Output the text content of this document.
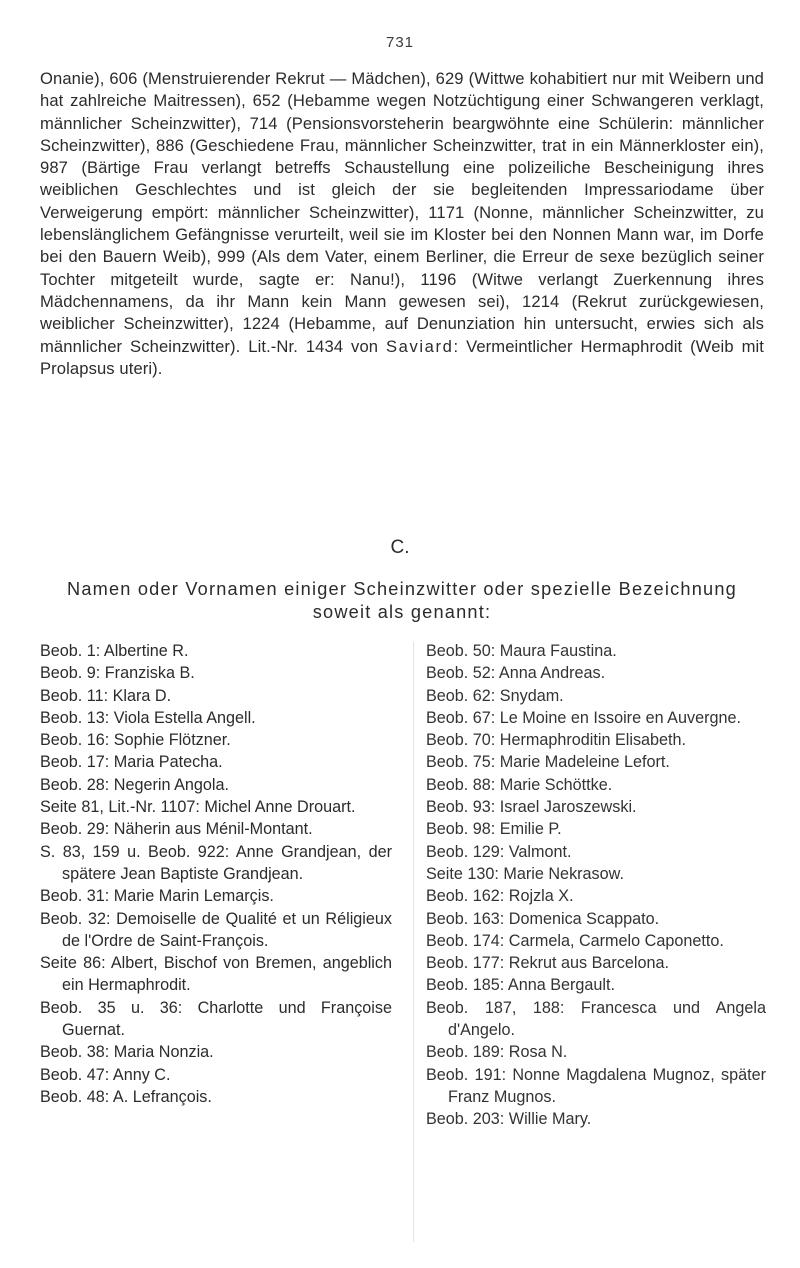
731

Onanie), 606 (Menstruierender Rekrut — Mädchen), 629 (Wittwe kohabitiert nur mit Weibern und hat zahlreiche Maitressen), 652 (Hebamme wegen Notzüchtigung einer Schwangeren verklagt, männlicher Scheinzwitter), 714 (Pensionsvorsteherin beargwöhnte eine Schülerin: männlicher Scheinzwitter), 886 (Geschiedene Frau, männlicher Scheinzwitter, trat in ein Männerkloster ein), 987 (Bärtige Frau verlangt betreffs Schaustellung eine polizeiliche Bescheinigung ihres weiblichen Geschlechtes und ist gleich der sie begleitenden Impressariodame über Verweigerung empört: männlicher Scheinzwitter), 1171 (Nonne, männlicher Scheinzwitter, zu lebenslänglichem Gefängnisse verurteilt, weil sie im Kloster bei den Nonnen Mann war, im Dorfe bei den Bauern Weib), 999 (Als dem Vater, einem Berliner, die Erreur de sexe bezüglich seiner Tochter mitgeteilt wurde, sagte er: Nanu!), 1196 (Witwe verlangt Zuerkennung ihres Mädchennamens, da ihr Mann kein Mann gewesen sei), 1214 (Rekrut zurückgewiesen, weiblicher Scheinzwitter), 1224 (Hebamme, auf Denunziation hin untersucht, erwies sich als männlicher Scheinzwitter). Lit.-Nr. 1434 von Saviard: Vermeintlicher Hermaphrodit (Weib mit Prolapsus uteri).

C.
Namen oder Vornamen einiger Scheinzwitter oder spezielle Bezeichnung soweit als genannt:
Beob. 1: Albertine R.
Beob. 9: Franziska B.
Beob. 11: Klara D.
Beob. 13: Viola Estella Angell.
Beob. 16: Sophie Flötzner.
Beob. 17: Maria Patecha.
Beob. 28: Negerin Angola.
Seite 81, Lit.-Nr. 1107: Michel Anne Drouart.
Beob. 29: Näherin aus Ménil-Montant.
S. 83, 159 u. Beob. 922: Anne Grandjean, der spätere Jean Baptiste Grandjean.
Beob. 31: Marie Marin Lemarçis.
Beob. 32: Demoiselle de Qualité et un Réligieux de l'Ordre de Saint-François.
Seite 86: Albert, Bischof von Bremen, angeblich ein Hermaphrodit.
Beob. 35 u. 36: Charlotte und Françoise Guernat.
Beob. 38: Maria Nonzia.
Beob. 47: Anny C.
Beob. 48: A. Lefrançois.
Beob. 50: Maura Faustina.
Beob. 52: Anna Andreas.
Beob. 62: Snydam.
Beob. 67: Le Moine en Issoire en Auvergne.
Beob. 70: Hermaphroditin Elisabeth.
Beob. 75: Marie Madeleine Lefort.
Beob. 88: Marie Schöttke.
Beob. 93: Israel Jaroszewski.
Beob. 98: Emilie P.
Beob. 129: Valmont.
Seite 130: Marie Nekrasow.
Beob. 162: Rojzla X.
Beob. 163: Domenica Scappato.
Beob. 174: Carmela, Carmelo Caponetto.
Beob. 177: Rekrut aus Barcelona.
Beob. 185: Anna Bergault.
Beob. 187, 188: Francesca und Angela d'Angelo.
Beob. 189: Rosa N.
Beob. 191: Nonne Magdalena Mugnoz, später Franz Mugnos.
Beob. 203: Willie Mary.
